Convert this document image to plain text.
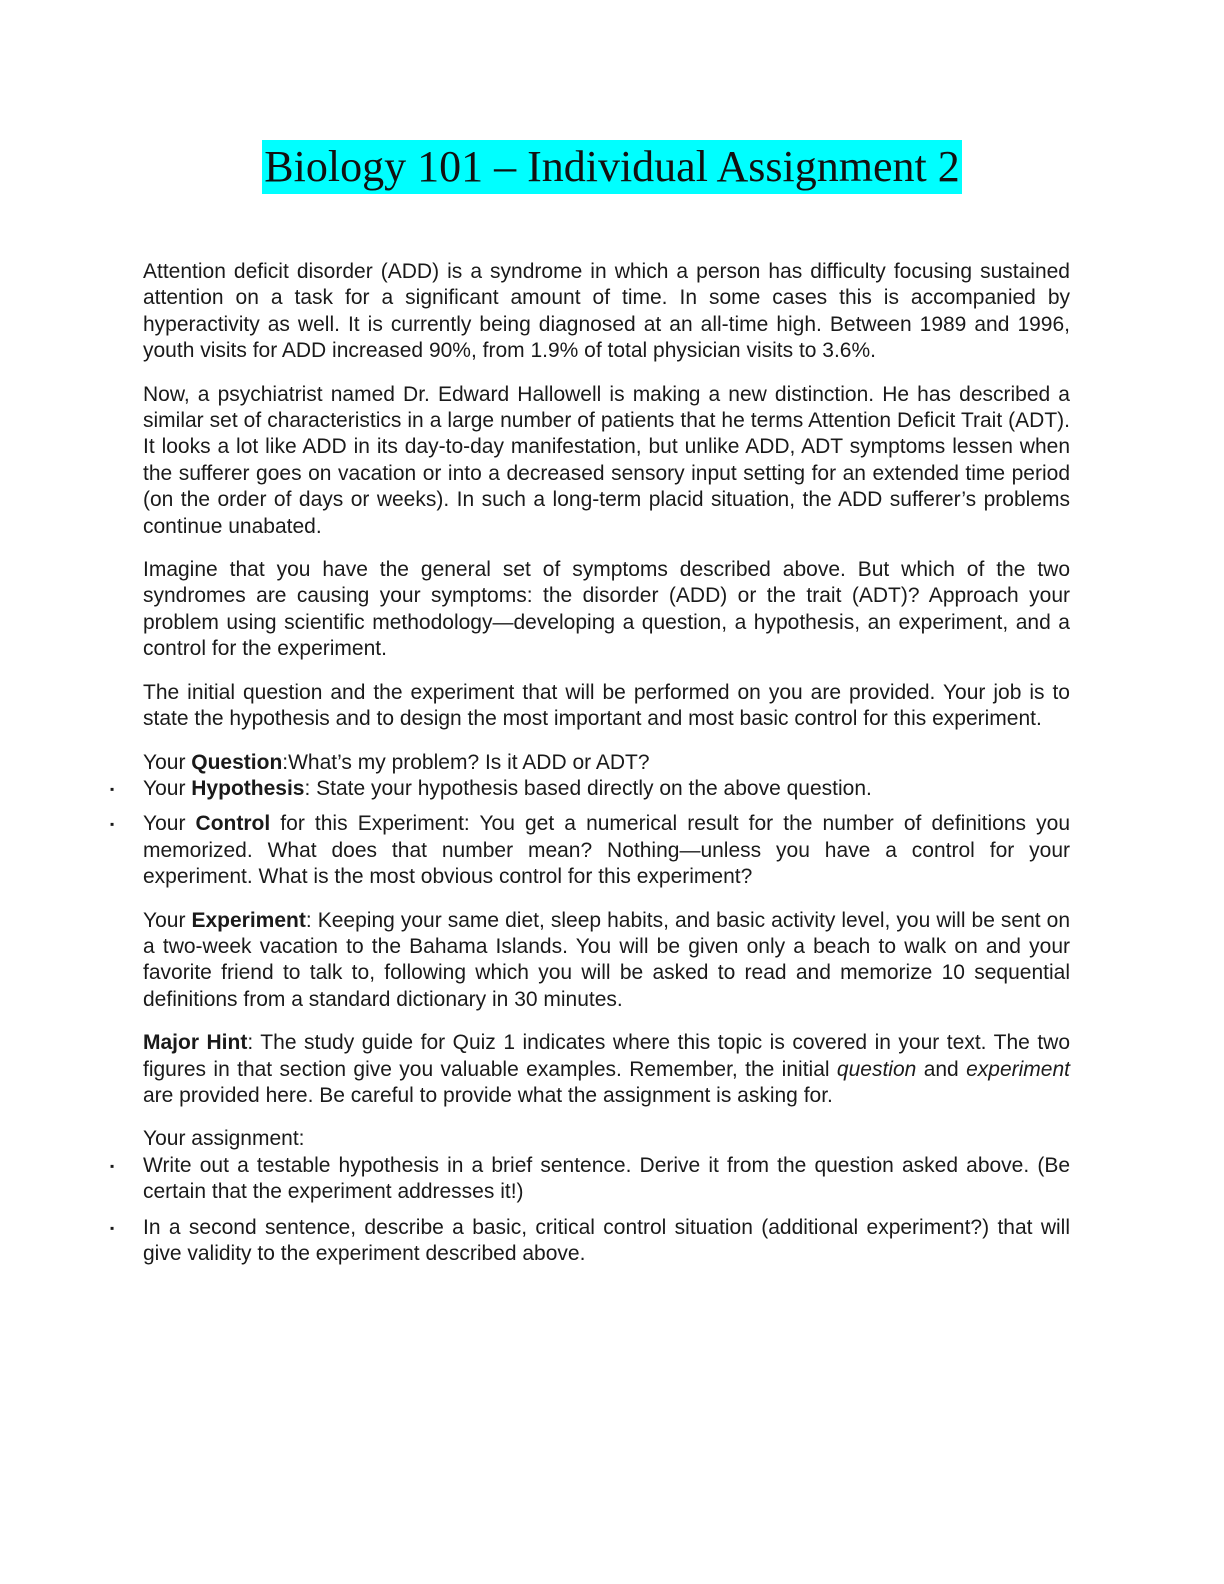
Biology 101 – Individual Assignment 2

Attention deficit disorder (ADD) is a syndrome in which a person has difficulty focusing sustained attention on a task for a significant amount of time. In some cases this is accompanied by hyperactivity as well. It is currently being diagnosed at an all-time high. Between 1989 and 1996, youth visits for ADD increased 90%, from 1.9% of total physician visits to 3.6%.

Now, a psychiatrist named Dr. Edward Hallowell is making a new distinction. He has described a similar set of characteristics in a large number of patients that he terms Attention Deficit Trait (ADT). It looks a lot like ADD in its day-to-day manifestation, but unlike ADD, ADT symptoms lessen when the sufferer goes on vacation or into a decreased sensory input setting for an extended time period (on the order of days or weeks). In such a long-term placid situation, the ADD sufferer’s problems continue unabated.

Imagine that you have the general set of symptoms described above. But which of the two syndromes are causing your symptoms: the disorder (ADD) or the trait (ADT)? Approach your problem using scientific methodology—developing a question, a hypothesis, an experiment, and a control for the experiment.

The initial question and the experiment that will be performed on you are provided. Your job is to state the hypothesis and to design the most important and most basic control for this experiment.

Your Question:What’s my problem? Is it ADD or ADT?

▪ Your Hypothesis: State your hypothesis based directly on the above question.

▪ Your Control for this Experiment: You get a numerical result for the number of definitions you memorized. What does that number mean? Nothing—unless you have a control for your experiment. What is the most obvious control for this experiment?

Your Experiment: Keeping your same diet, sleep habits, and basic activity level, you will be sent on a two-week vacation to the Bahama Islands. You will be given only a beach to walk on and your favorite friend to talk to, following which you will be asked to read and memorize 10 sequential definitions from a standard dictionary in 30 minutes.

Major Hint: The study guide for Quiz 1 indicates where this topic is covered in your text. The two figures in that section give you valuable examples. Remember, the initial question and experiment are provided here. Be careful to provide what the assignment is asking for.

Your assignment:

▪ Write out a testable hypothesis in a brief sentence. Derive it from the question asked above. (Be certain that the experiment addresses it!)

▪ In a second sentence, describe a basic, critical control situation (additional experiment?) that will give validity to the experiment described above.
